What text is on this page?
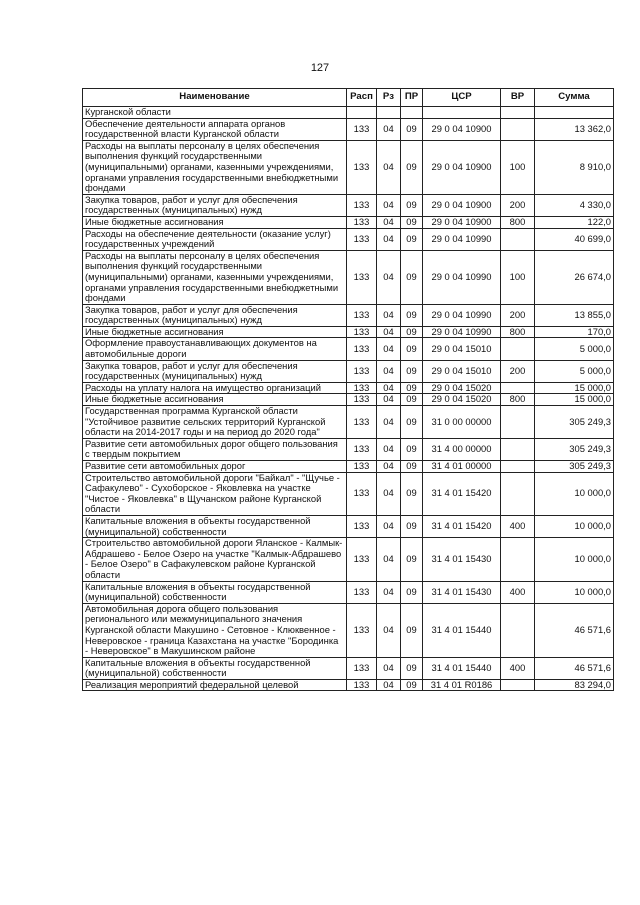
127
Наименование	Расп	Рз	ПР	ЦСР	ВР	Сумма
Курганской области						
Обеспечение деятельности аппарата органов государственной власти Курганской области	133	04	09	29 0 04 10900		13 362,0
Расходы на выплаты персоналу в целях обеспечения выполнения функций государственными (муниципальными) органами, казенными учреждениями, органами управления государственными внебюджетными фондами	133	04	09	29 0 04 10900	100	8 910,0
Закупка товаров, работ и услуг для обеспечения государственных (муниципальных) нужд	133	04	09	29 0 04 10900	200	4 330,0
Иные бюджетные ассигнования	133	04	09	29 0 04 10900	800	122,0
Расходы на обеспечение деятельности (оказание услуг) государственных учреждений	133	04	09	29 0 04 10990		40 699,0
Расходы на выплаты персоналу в целях обеспечения выполнения функций государственными (муниципальными) органами, казенными учреждениями, органами управления государственными внебюджетными фондами	133	04	09	29 0 04 10990	100	26 674,0
Закупка товаров, работ и услуг для обеспечения государственных (муниципальных) нужд	133	04	09	29 0 04 10990	200	13 855,0
Иные бюджетные ассигнования	133	04	09	29 0 04 10990	800	170,0
Оформление правоустанавливающих документов на автомобильные дороги	133	04	09	29 0 04 15010		5 000,0
Закупка товаров, работ и услуг для обеспечения государственных (муниципальных) нужд	133	04	09	29 0 04 15010	200	5 000,0
Расходы на уплату налога на имущество организаций	133	04	09	29 0 04 15020		15 000,0
Иные бюджетные ассигнования	133	04	09	29 0 04 15020	800	15 000,0
Государственная программа Курганской области "Устойчивое развитие сельских территорий Курганской области на 2014-2017 годы и на период до 2020 года"	133	04	09	31 0 00 00000		305 249,3
Развитие сети автомобильных дорог общего пользования с твердым покрытием	133	04	09	31 4 00 00000		305 249,3
Развитие сети автомобильных дорог	133	04	09	31 4 01 00000		305 249,3
Строительство автомобильной дороги "Байкал" - "Щучье - Сафакулево" - Сухоборское - Яковлевка на участке "Чистое - Яковлевка" в Щучанском районе Курганской области	133	04	09	31 4 01 15420		10 000,0
Капитальные вложения в объекты государственной (муниципальной) собственности	133	04	09	31 4 01 15420	400	10 000,0
Строительство автомобильной дороги Яланское - Калмык-Абдрашево - Белое Озеро на участке "Калмык-Абдрашево - Белое Озеро" в Сафакулевском районе Курганской области	133	04	09	31 4 01 15430		10 000,0
Капитальные вложения в объекты государственной (муниципальной) собственности	133	04	09	31 4 01 15430	400	10 000,0
Автомобильная дорога общего пользования регионального или межмуниципального значения Курганской области Макушино - Сетовное - Клюквенное - Неверовское - граница Казахстана на участке "Бородинка - Неверовское" в Макушинском районе	133	04	09	31 4 01 15440		46 571,6
Капитальные вложения в объекты государственной (муниципальной) собственности	133	04	09	31 4 01 15440	400	46 571,6
Реализация мероприятий федеральной целевой	133	04	09	31 4 01 R0186		83 294,0
